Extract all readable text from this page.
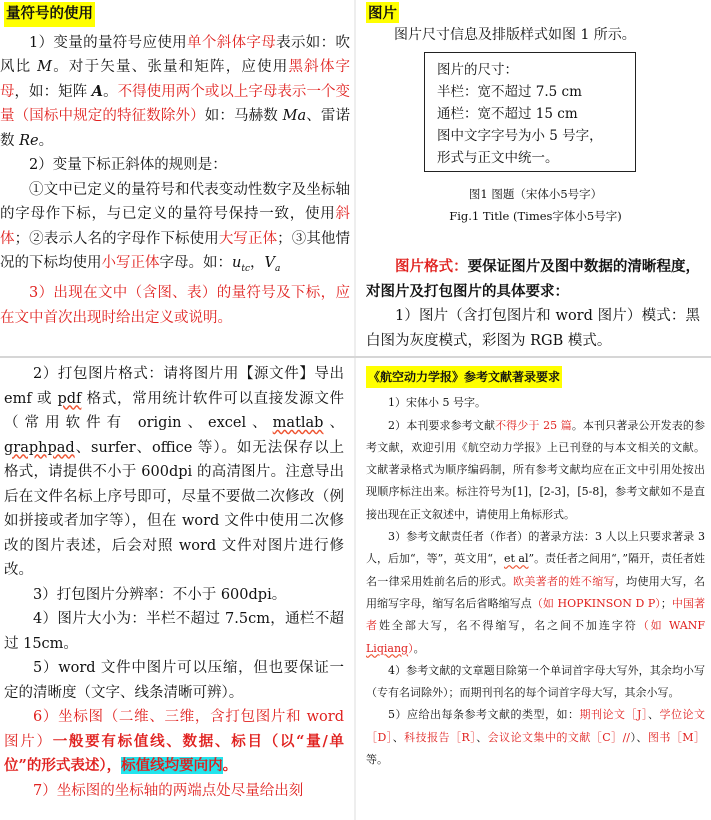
量符号的使用

1）变量的量符号应使用单个斜体字母表示如：吹风比 M。对于矢量、张量和矩阵，应使用黑斜体字母，如：矩阵 A。不得使用两个或以上字母表示一个变量（国标中规定的特征数除外）如：马赫数 Ma、雷诺数 Re。

2）变量下标正斜体的规则是：

①文中已定义的量符号和代表变动性数字及坐标轴的字母作下标，与已定义的量符号保持一致，使用斜体；②表示人名的字母作下标使用大写正体；③其他情况的下标均使用小写正体字母。如：$u_{tc}$，$V_a$

3）出现在文中（含图、表）的量符号及下标，应在文中首次出现时给出定义或说明。

图片
图片尺寸信息及排版样式如图 1 所示。

图片的尺寸：

半栏：宽不超过 7.5 cm

通栏：宽不超过 15 cm

图中文字字号为小 5 号字，

形式与正文中统一。

图1 图题（宋体小5号字）
Fig.1 Title (Times字体小5号字)

图片格式：要保证图片及图中数据的清晰程度，对图片及打包图片的具体要求：

1）图片（含打包图片和 word 图片）模式：黑白图为灰度模式，彩图为 RGB 模式。

2）打包图片格式：请将图片用【源文件】导出 emf 或 pdf 格式，常用统计软件可以直接发源文件（常用软件有 origin、excel、matlab、graphpad、surfer、office 等）。如无法保存以上格式，请提供不小于 600dpi 的高清图片。注意导出后在文件名标上序号即可，尽量不要做二次修改（例如拼接或者加字等），但在 word 文件中使用二次修改的图片表述，后会对照 word 文件对图片进行修改。

3）打包图片分辨率：不小于 600dpi。

4）图片大小为：半栏不超过 7.5cm，通栏不超过 15cm。

5）word 文件中图片可以压缩，但也要保证一定的清晰度（文字、线条清晰可辨）。

6）坐标图（二维、三维，含打包图片和 word 图片）一般要有标值线、数据、标目（以“量/单位”的形式表述），标值线均要向内。

7）坐标图的坐标轴的两端点处尽量给出刻

《航空动力学报》参考文献著录要求

1）宋体小 5 号字。

2）本刊要求参考文献不得少于 25 篇。本刊只著录公开发表的参考文献，欢迎引用《航空动力学报》上已刊登的与本文相关的文献。文献著录格式为顺序编码制，所有参考文献均应在正文中引用处按出现顺序标注出来。标注符号为[1]，[2-3]，[5-8]，参考文献如不是直接出现在正文叙述中，请使用上角标形式。

3）参考文献责任者（作者）的著录方法：3 人以上只要求著录 3 人，后加“，等”，英文用“，et al”。责任者之间用“，”隔开，责任者姓名一律采用姓前名后的形式。欧美著者的姓不缩写，均使用大写，名用缩写字母，缩写名后省略缩写点（如 HOPKINSON D P）；中国著者姓全部大写，名不得缩写，名之间不加连字符（如 WANF Liqiang）。

4）参考文献的文章题目除第一个单词首字母大写外，其余均小写（专有名词除外）；而期刊刊名的每个词首字母大写，其余小写。

5）应给出每条参考文献的类型，如：期刊论文［J］、学位论文［D］、科技报告［R］、会议论文集中的文献［C］//）、图书［M］等。
